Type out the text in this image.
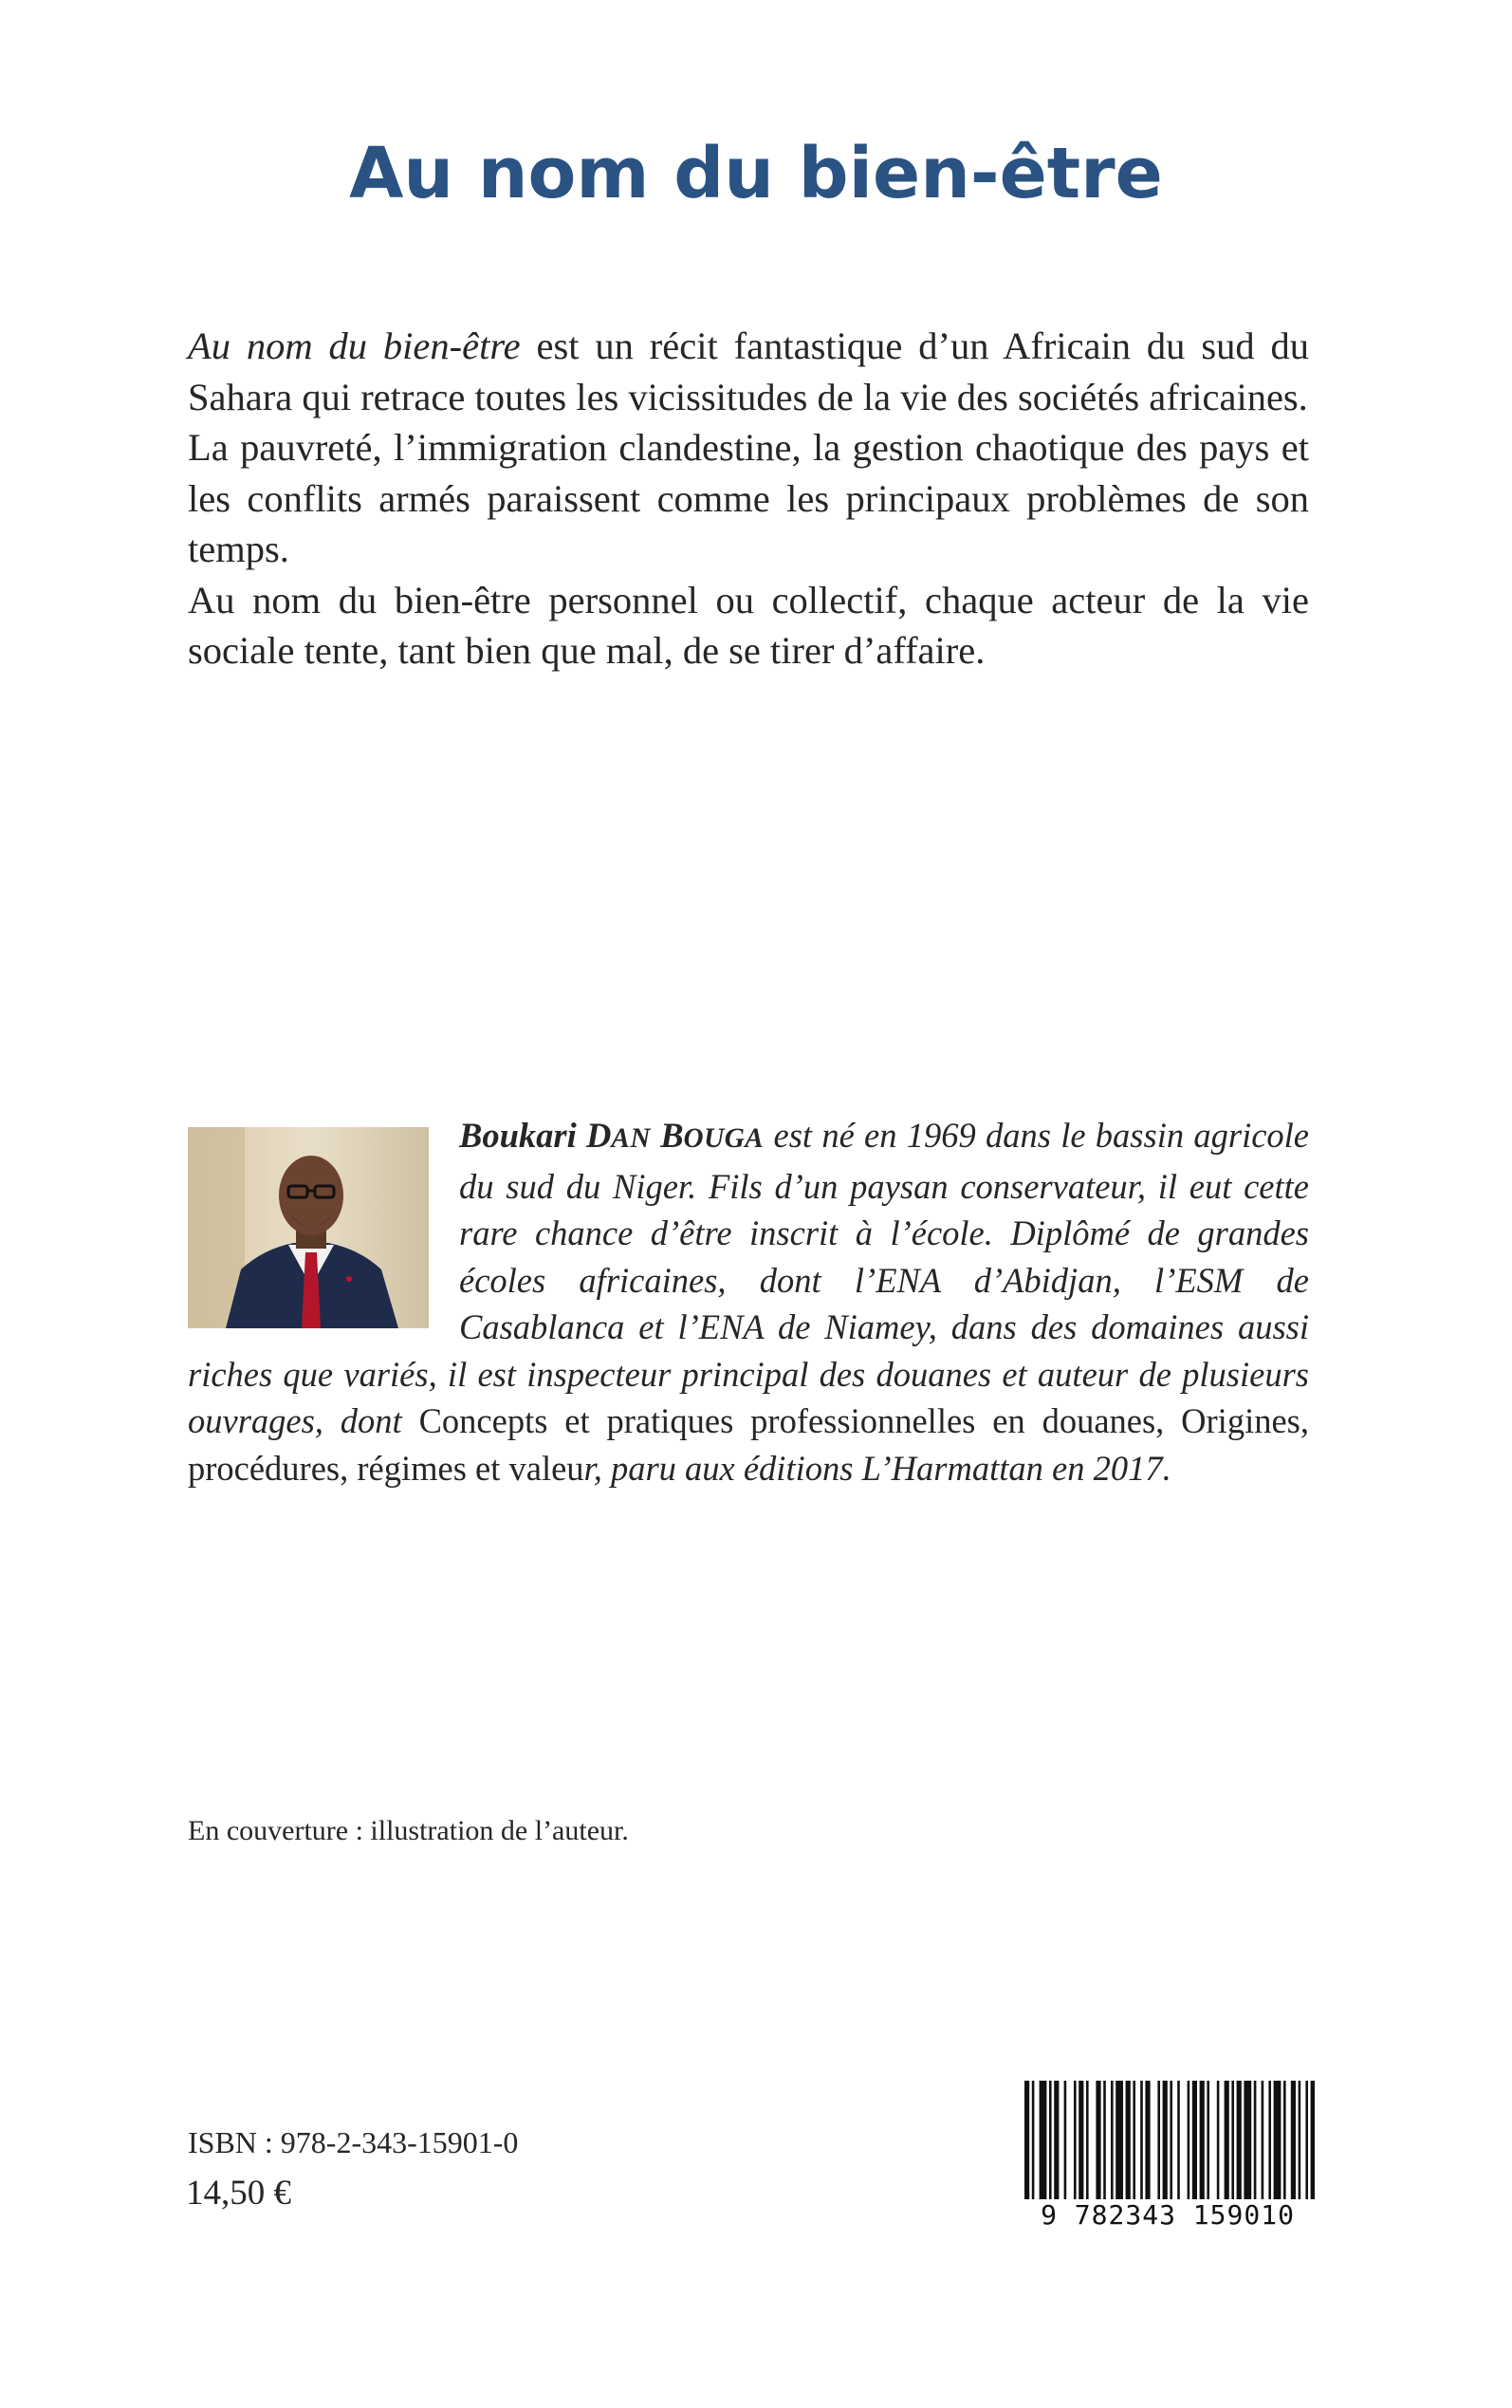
Au nom du bien-être

Au nom du bien-être est un récit fantastique d’un Africain du sud du Sahara qui retrace toutes les vicissitudes de la vie des sociétés africaines.

La pauvreté, l’immigration clandestine, la gestion chaotique des pays et les conflits armés paraissent comme les principaux problèmes de son temps.

Au nom du bien-être personnel ou collectif, chaque acteur de la vie sociale tente, tant bien que mal, de se tirer d’affaire.

Boukari DAN BOUGA est né en 1969 dans le bassin agricole du sud du Niger. Fils d’un paysan conservateur, il eut cette rare chance d’être inscrit à l’école. Diplômé de grandes écoles africaines, dont l’ENA d’Abidjan, l’ESM de Casablanca et l’ENA de Niamey, dans des domaines aussi riches que variés, il est inspecteur principal des douanes et auteur de plusieurs ouvrages, dont Concepts et pratiques professionnelles en douanes, Origines, procédures, régimes et valeur, paru aux éditions L’Harmattan en 2017.
En couverture : illustration de l’auteur.
ISBN : 978-2-343-15901-0
14,50 €
9 782343 159010
